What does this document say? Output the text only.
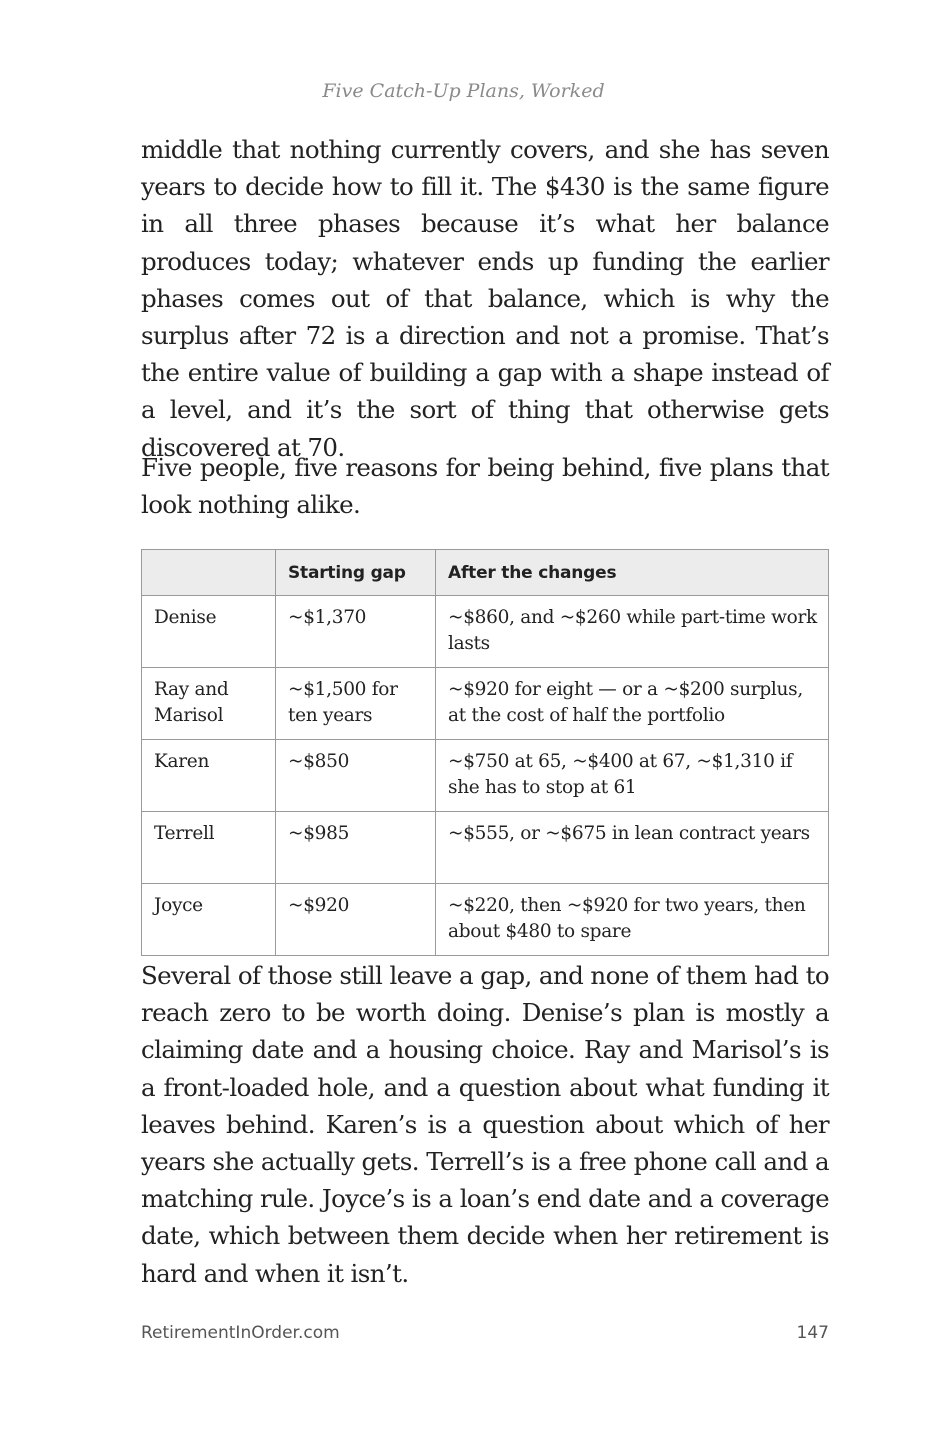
Five Catch-Up Plans, Worked

middle that nothing currently covers, and she has seven years to decide how to fill it. The $430 is the same figure in all three phases because it’s what her balance produces today; whatever ends up funding the earlier phases comes out of that balance, which is why the surplus after 72 is a direction and not a promise. That’s the entire value of building a gap with a shape instead of a level, and it’s the sort of thing that otherwise gets discovered at 70.

Five people, five reasons for being behind, five plans that look nothing alike.

	Starting gap	After the changes
Denise	~$1,370	~$860, and ~$260 while part-time work lasts
Ray and Marisol	~$1,500 for ten years	~$920 for eight — or a ~$200 surplus, at the cost of half the portfolio
Karen	~$850	~$750 at 65, ~$400 at 67, ~$1,310 if she has to stop at 61
Terrell	~$985	~$555, or ~$675 in lean contract years
Joyce	~$920	~$220, then ~$920 for two years, then about $480 to spare

Several of those still leave a gap, and none of them had to reach zero to be worth doing. Denise’s plan is mostly a claiming date and a housing choice. Ray and Marisol’s is a front-loaded hole, and a question about what funding it leaves behind. Karen’s is a question about which of her years she actually gets. Terrell’s is a free phone call and a matching rule. Joyce’s is a loan’s end date and a coverage date, which between them decide when her retirement is hard and when it isn’t.

RetirementInOrder.com	147
